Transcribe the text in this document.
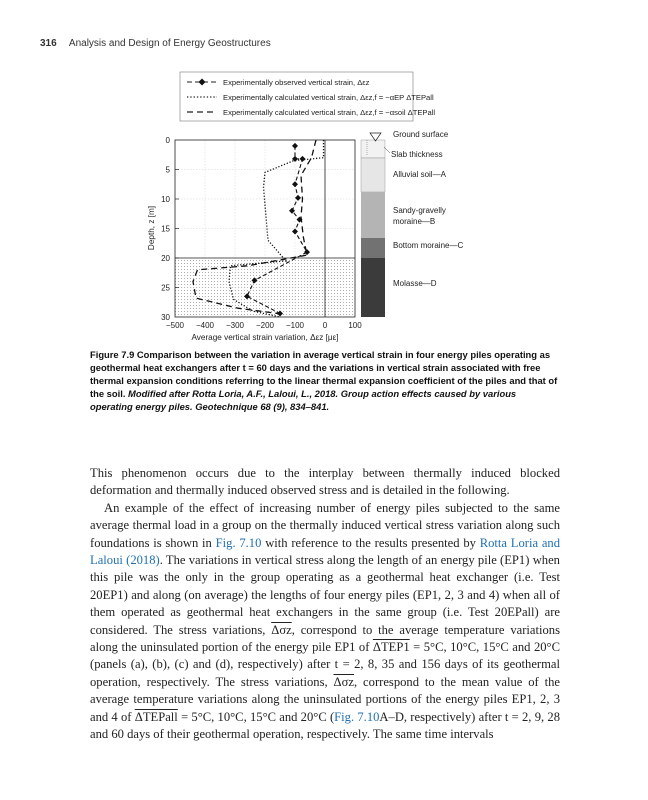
316 Analysis and Design of Energy Geostructures
Experimentally observed vertical strain, Δεz
Experimentally calculated vertical strain, Δεz,f = −αEP ΔTEPall
Experimentally calculated vertical strain, Δεz,f = −αsoil ΔTEPall
0
5
10
15
20
25
30
−500 −400 −300 −200 −100 0	100
Average vertical strain variation, Δεz [με]
Depth, z [m]
Ground surface
Slab thickness
Alluvial soil—A
Sandy-gravelly
moraine—B
Bottom moraine—C
Molasse—D
Figure 7.9 Comparison between the variation in average vertical strain in four energy piles operating as geothermal heat exchangers after t = 60 days and the variations in vertical strain associated with free thermal expansion conditions referring to the linear thermal expansion coefficient of the piles and that of the soil. Modified after Rotta Loria, A.F., Laloui, L., 2018. Group action effects caused by various operating energy piles. Geotechnique 68 (9), 834–841.

This phenomenon occurs due to the interplay between thermally induced blocked deformation and thermally induced observed stress and is detailed in the following.

An example of the effect of increasing number of energy piles subjected to the same average thermal load in a group on the thermally induced vertical stress variation along such foundations is shown in Fig. 7.10 with reference to the results presented by Rotta Loria and Laloui (2018). The variations in vertical stress along the length of an energy pile (EP1) when this pile was the only in the group operating as a geothermal heat exchanger (i.e. Test 20EP1) and along (on average) the lengths of four energy piles (EP1, 2, 3 and 4) when all of them operated as geothermal heat exchangers in the same group (i.e. Test 20EPall) are considered. The stress variations, $\overline{\Delta\sigma z}$, correspond to the average temperature variations along the uninsulated portion of the energy pile EP1 of ΔTEP1 = 5°C, 10°C, 15°C and 20°C (panels (a), (b), (c) and (d), respectively) after t = 2, 8, 35 and 156 days of its geothermal operation, respectively. The stress variations, $\overline{\Delta\sigma z}$, correspond to the mean value of the average temperature variations along the uninsulated portions of the energy piles EP1, 2, 3 and 4 of ΔTEPall = 5°C, 10°C, 15°C and 20°C (Fig. 7.10A–D, respectively) after t = 2, 9, 28 and 60 days of their geothermal operation, respectively. The same time intervals
